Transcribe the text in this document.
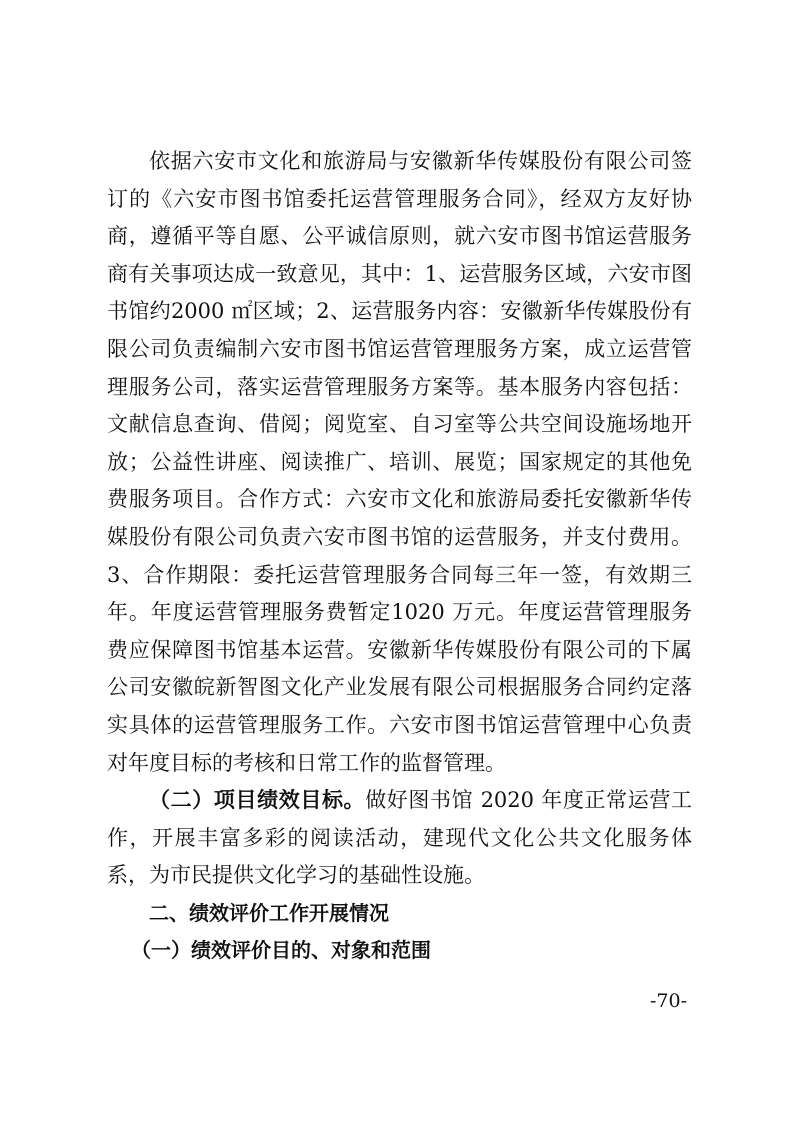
依据六安市文化和旅游局与安徽新华传媒股份有限公司签订的《六安市图书馆委托运营管理服务合同》，经双方友好协商，遵循平等自愿、公平诚信原则，就六安市图书馆运营服务商有关事项达成一致意见，其中：1、运营服务区域，六安市图书馆约2000 ㎡区域；2、运营服务内容：安徽新华传媒股份有限公司负责编制六安市图书馆运营管理服务方案，成立运营管理服务公司，落实运营管理服务方案等。基本服务内容包括：文献信息查询、借阅；阅览室、自习室等公共空间设施场地开放；公益性讲座、阅读推广、培训、展览；国家规定的其他免费服务项目。合作方式：六安市文化和旅游局委托安徽新华传媒股份有限公司负责六安市图书馆的运营服务，并支付费用。3、合作期限：委托运营管理服务合同每三年一签，有效期三年。年度运营管理服务费暂定1020 万元。年度运营管理服务费应保障图书馆基本运营。安徽新华传媒股份有限公司的下属公司安徽皖新智图文化产业发展有限公司根据服务合同约定落实具体的运营管理服务工作。六安市图书馆运营管理中心负责对年度目标的考核和日常工作的监督管理。

（二）项目绩效目标。做好图书馆 2020 年度正常运营工作，开展丰富多彩的阅读活动，建现代文化公共文化服务体系，为市民提供文化学习的基础性设施。

二、绩效评价工作开展情况

（一）绩效评价目的、对象和范围

-70-
